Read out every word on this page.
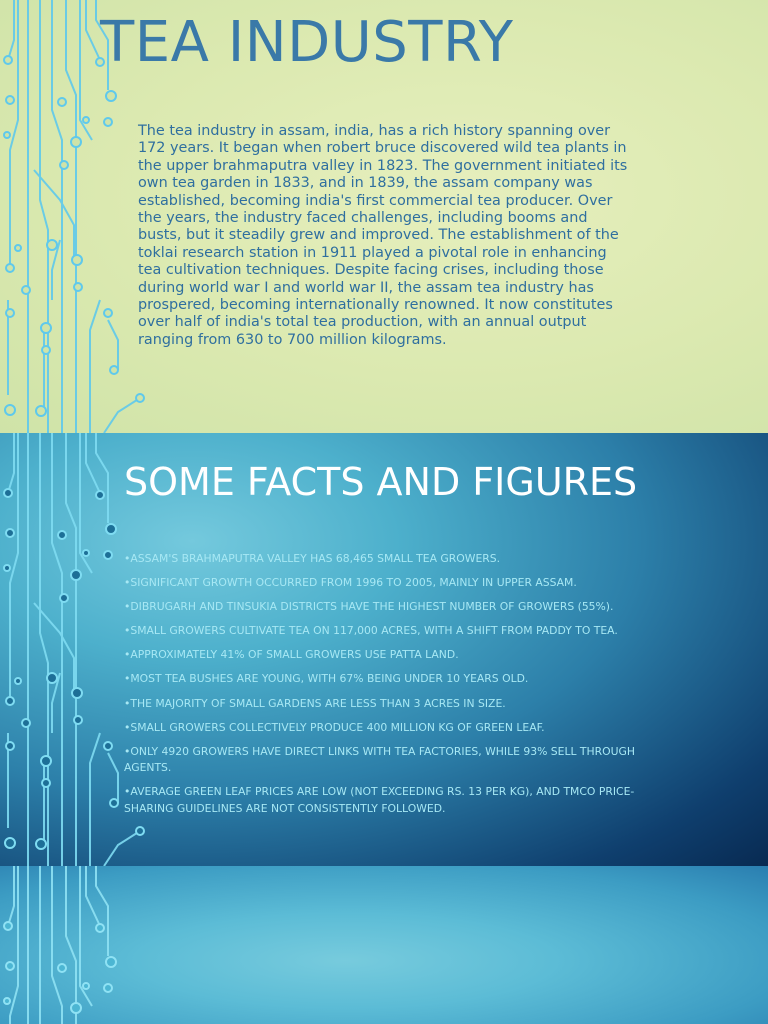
TEA INDUSTRY

The tea industry in assam, india, has a rich history spanning over 172 years. It began when robert bruce discovered wild tea plants in the upper brahmaputra valley in 1823. The government initiated its own tea garden in 1833, and in 1839, the assam company was established, becoming india's first commercial tea producer. Over the years, the industry faced challenges, including booms and busts, but it steadily grew and improved. The establishment of the toklai research station in 1911 played a pivotal role in enhancing tea cultivation techniques. Despite facing crises, including those during world war I and world war II, the assam tea industry has prospered, becoming internationally renowned. It now constitutes over half of india's total tea production, with an annual output ranging from 630 to 700 million kilograms.

SOME FACTS AND FIGURES
•ASSAM'S BRAHMAPUTRA VALLEY HAS 68,465 SMALL TEA GROWERS.
•SIGNIFICANT GROWTH OCCURRED FROM 1996 TO 2005, MAINLY IN UPPER ASSAM.
•DIBRUGARH AND TINSUKIA DISTRICTS HAVE THE HIGHEST NUMBER OF GROWERS (55%).
•SMALL GROWERS CULTIVATE TEA ON 117,000 ACRES, WITH A SHIFT FROM PADDY TO TEA.
•APPROXIMATELY 41% OF SMALL GROWERS USE PATTA LAND.
•MOST TEA BUSHES ARE YOUNG, WITH 67% BEING UNDER 10 YEARS OLD.
•THE MAJORITY OF SMALL GARDENS ARE LESS THAN 3 ACRES IN SIZE.
•SMALL GROWERS COLLECTIVELY PRODUCE 400 MILLION KG OF GREEN LEAF.
•ONLY 4920 GROWERS HAVE DIRECT LINKS WITH TEA FACTORIES, WHILE 93% SELL THROUGH AGENTS.
•AVERAGE GREEN LEAF PRICES ARE LOW (NOT EXCEEDING RS. 13 PER KG), AND TMCO PRICE-SHARING GUIDELINES ARE NOT CONSISTENTLY FOLLOWED.
